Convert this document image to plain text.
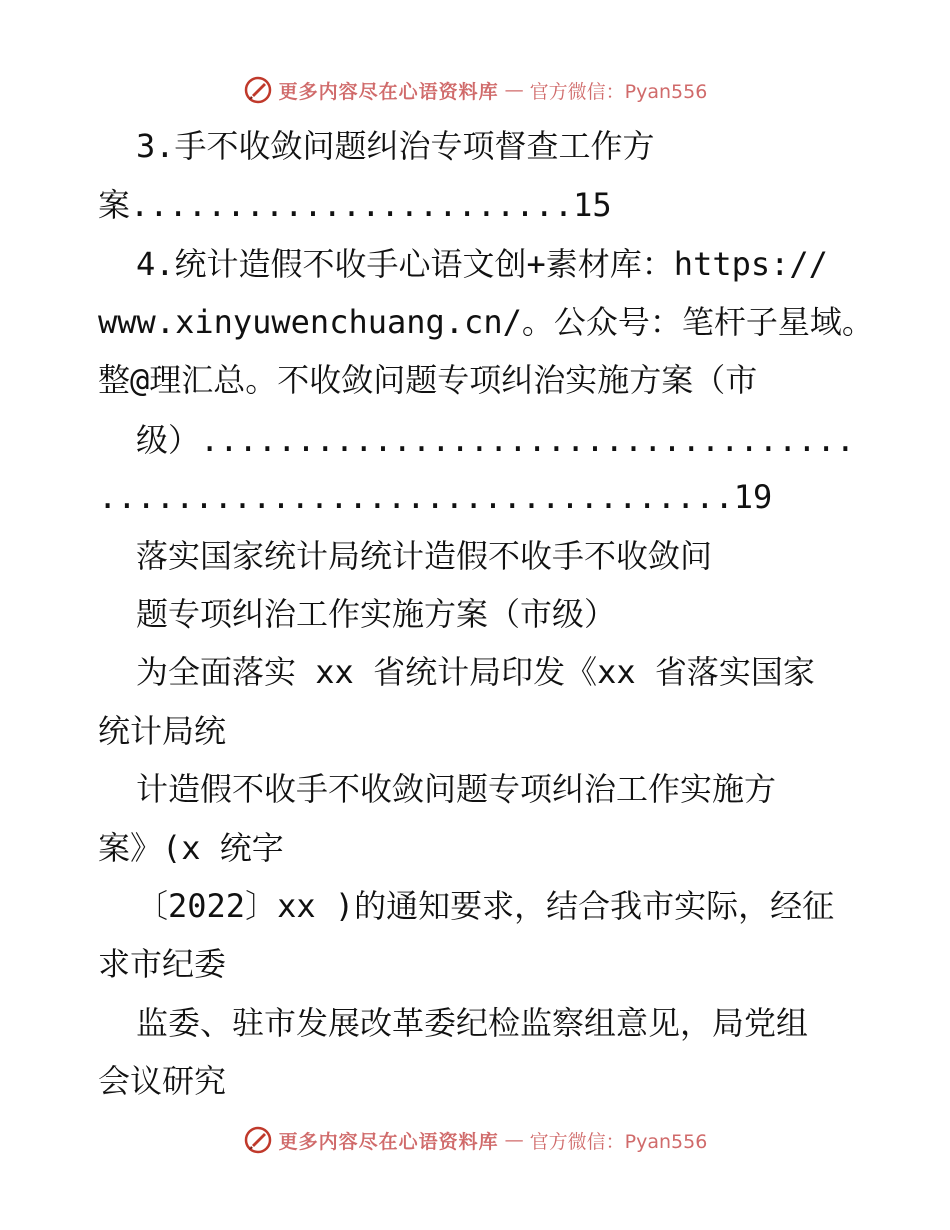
更多内容尽在心语资料库 — 官方微信：Pyan556
3.手不收敛问题纠治专项督查工作方
案.......................15
4.统计造假不收手心语文创+素材库：https://
www.xinyuwenchuang.cn/。公众号：笔杆子星域。
整@理汇总。不收敛问题专项纠治实施方案（市
级）..................................
.................................19
落实国家统计局统计造假不收手不收敛问
题专项纠治工作实施方案（市级）
为全面落实 xx 省统计局印发《xx 省落实国家
统计局统
计造假不收手不收敛问题专项纠治工作实施方
案》(x 统字
〔2022〕xx )的通知要求，结合我市实际，经征
求市纪委
监委、驻市发展改革委纪检监察组意见，局党组
会议研究
更多内容尽在心语资料库 — 官方微信：Pyan556
